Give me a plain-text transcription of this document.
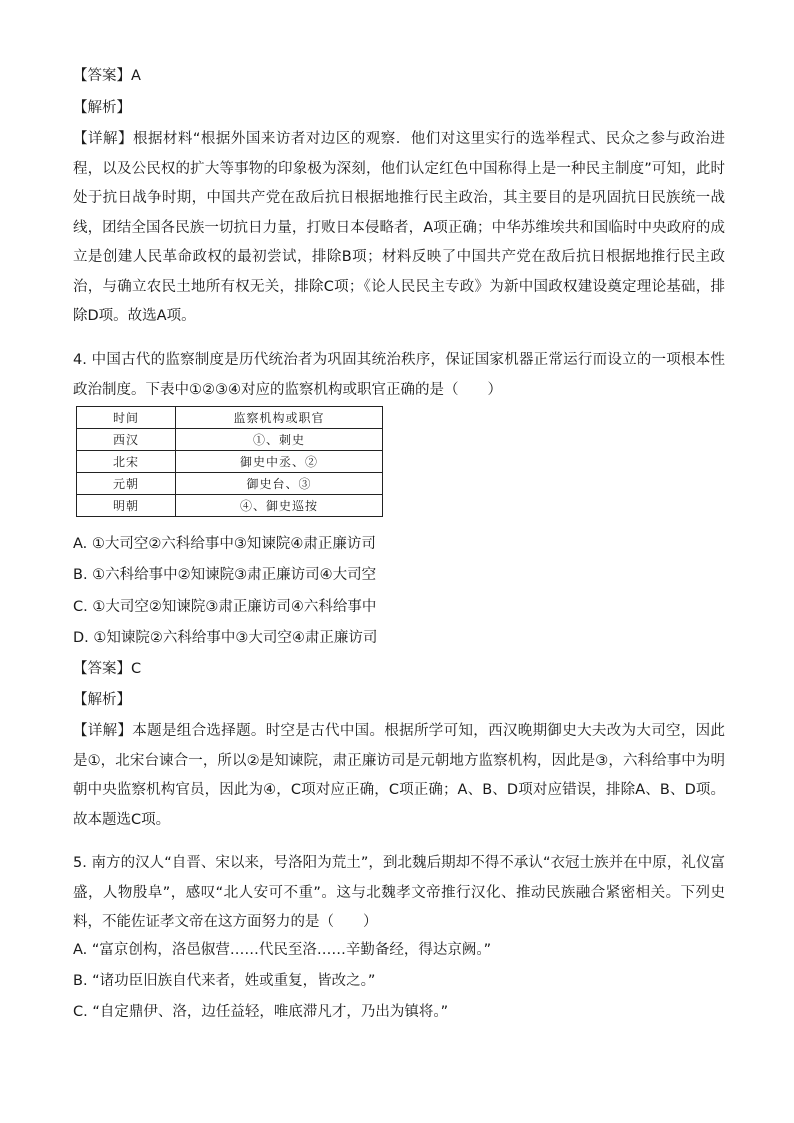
【答案】A
【解析】
【详解】根据材料“根据外国来访者对边区的观察．他们对这里实行的选举程式、民众之参与政治进程，以及公民权的扩大等事物的印象极为深刻，他们认定红色中国称得上是一种民主制度”可知，此时处于抗日战争时期，中国共产党在敌后抗日根据地推行民主政治，其主要目的是巩固抗日民族统一战线，团结全国各民族一切抗日力量，打败日本侵略者，A项正确；中华苏维埃共和国临时中央政府的成立是创建人民革命政权的最初尝试，排除B项；材料反映了中国共产党在敌后抗日根据地推行民主政治，与确立农民土地所有权无关，排除C项；《论人民民主专政》为新中国政权建设奠定理论基础，排除D项。故选A项。
4. 中国古代的监察制度是历代统治者为巩固其统治秩序，保证国家机器正常运行而设立的一项根本性政治制度。下表中①②③④对应的监察机构或职官正确的是（　　）
时间	监察机构或职官
西汉	①、刺史
北宋	御史中丞、②
元朝	御史台、③
明朝	④、御史巡按
A. ①大司空②六科给事中③知谏院④肃正廉访司
B. ①六科给事中②知谏院③肃正廉访司④大司空
C. ①大司空②知谏院③肃正廉访司④六科给事中
D. ①知谏院②六科给事中③大司空④肃正廉访司
【答案】C
【解析】
【详解】本题是组合选择题。时空是古代中国。根据所学可知，西汉晚期御史大夫改为大司空，因此是①，北宋台谏合一，所以②是知谏院，肃正廉访司是元朝地方监察机构，因此是③，六科给事中为明朝中央监察机构官员，因此为④，C项对应正确，C项正确；A、B、D项对应错误，排除A、B、D项。故本题选C项。
5. 南方的汉人“自晋、宋以来，号洛阳为荒土”，到北魏后期却不得不承认“衣冠士族并在中原，礼仪富盛，人物殷阜”，感叹“北人安可不重”。这与北魏孝文帝推行汉化、推动民族融合紧密相关。下列史料，不能佐证孝文帝在这方面努力的是（　　）
A. “富京创构，洛邑俶营……代民至洛……辛勤备经，得达京阙。”
B. “诸功臣旧族自代来者，姓或重复，皆改之。”
C. “自定鼎伊、洛，边任益轻，唯底滞凡才，乃出为镇将。”
